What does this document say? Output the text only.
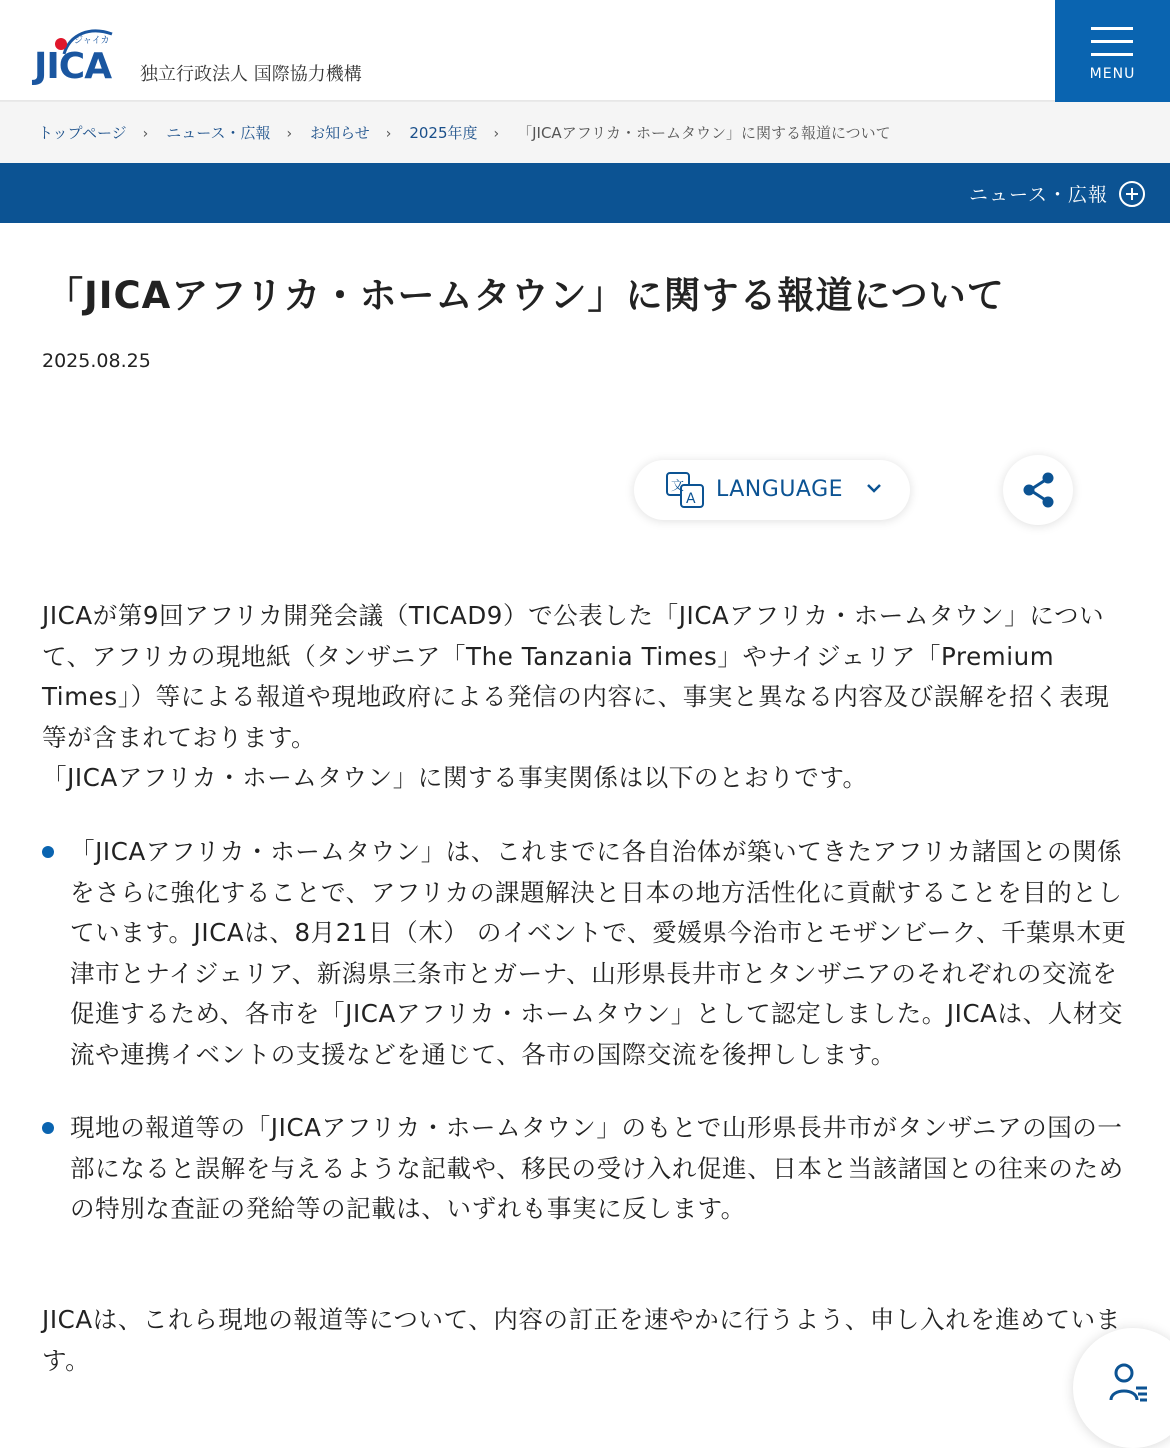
ジャイカ
JICA 独立行政法人 国際協力機構	MENU
トップページ › ニュース・広報 › お知らせ › 2025年度 › 「JICAアフリカ・ホームタウン」に関する報道について
ニュース・広報
「JICAアフリカ・ホームタウン」に関する報道について
2025.08.25
文
A LANGUAGE
JICAが第9回アフリカ開発会議（TICAD9）で公表した「JICAアフリカ・ホームタウン」について、アフリカの現地紙（タンザニア「The Tanzania Times」やナイジェリア「Premium Times」）等による報道や現地政府による発信の内容に、事実と異なる内容及び誤解を招く表現等が含まれております。
「JICAアフリカ・ホームタウン」に関する事実関係は以下のとおりです。
「JICAアフリカ・ホームタウン」は、これまでに各自治体が築いてきたアフリカ諸国との関係をさらに強化することで、アフリカの課題解決と日本の地方活性化に貢献することを目的としています。JICAは、8月21日（木） のイベントで、愛媛県今治市とモザンビーク、千葉県木更津市とナイジェリア、新潟県三条市とガーナ、山形県長井市とタンザニアのそれぞれの交流を促進するため、各市を「JICAアフリカ・ホームタウン」として認定しました。JICAは、人材交流や連携イベントの支援などを通じて、各市の国際交流を後押しします。
現地の報道等の「JICAアフリカ・ホームタウン」のもとで山形県長井市がタンザニアの国の一部になると誤解を与えるような記載や、移民の受け入れ促進、日本と当該諸国との往来のための特別な査証の発給等の記載は、いずれも事実に反します。
JICAは、これら現地の報道等について、内容の訂正を速やかに行うよう、申し入れを進めています。
